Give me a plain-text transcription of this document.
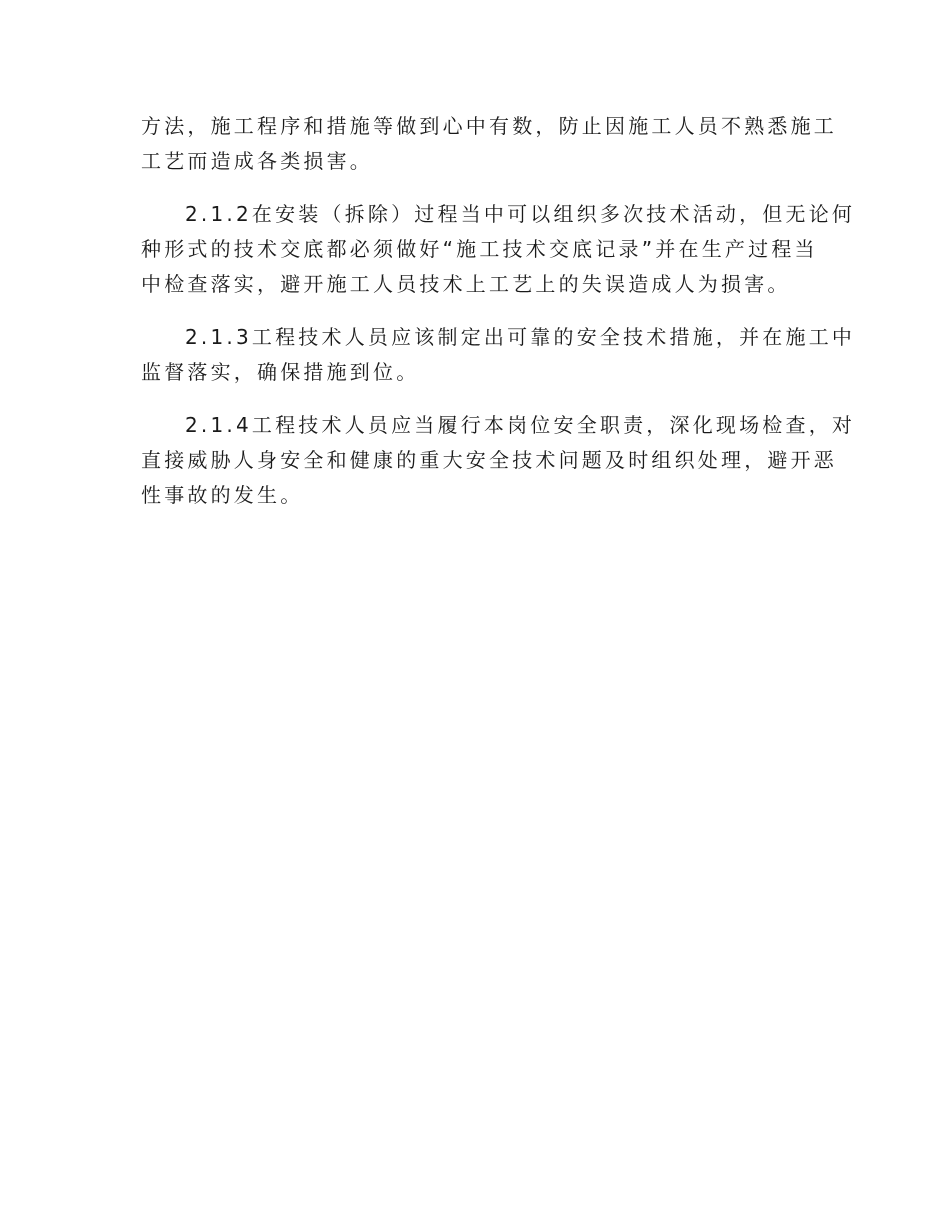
方法，施工程序和措施等做到心中有数，防止因施工人员不熟悉施工
工艺而造成各类损害。

2.1.2在安装（拆除）过程当中可以组织多次技术活动，但无论何
种形式的技术交底都必须做好“施工技术交底记录”并在生产过程当
中检查落实，避开施工人员技术上工艺上的失误造成人为损害。

2.1.3工程技术人员应该制定出可靠的安全技术措施，并在施工中
监督落实，确保措施到位。

2.1.4工程技术人员应当履行本岗位安全职责，深化现场检查，对
直接威胁人身安全和健康的重大安全技术问题及时组织处理，避开恶
性事故的发生。
